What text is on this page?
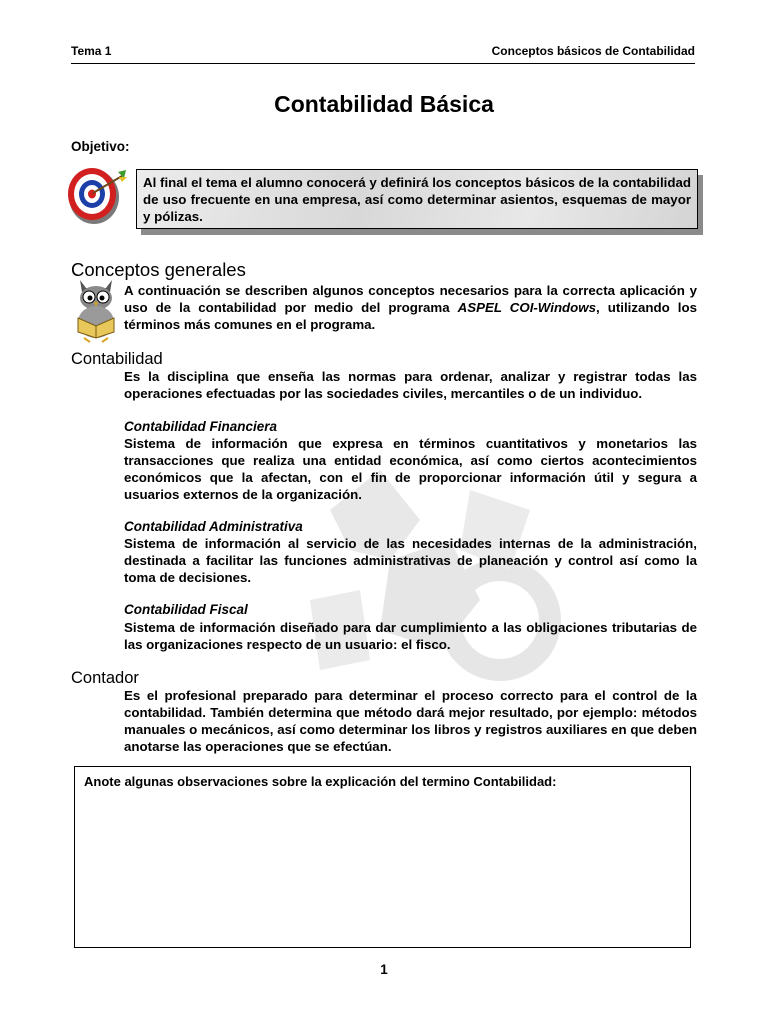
Tema 1	Conceptos básicos de Contabilidad
Contabilidad Básica
Objetivo:

Al final el tema el alumno conocerá y definirá los conceptos básicos de la contabilidad de uso frecuente en una empresa, así como determinar asientos, esquemas de mayor y pólizas.

Conceptos generales

A continuación se describen algunos conceptos necesarios para la correcta aplicación y uso de la contabilidad por medio del programa ASPEL COI-Windows, utilizando los términos más comunes en el programa.

Contabilidad

Es la disciplina que enseña las normas para ordenar, analizar y registrar todas las operaciones efectuadas por las sociedades civiles, mercantiles o de un individuo.

Contabilidad Financiera

Sistema de información que expresa en términos cuantitativos y monetarios las transacciones que realiza una entidad económica, así como ciertos acontecimientos económicos que la afectan, con el fin de proporcionar información útil y segura a usuarios externos de la organización.

Contabilidad Administrativa

Sistema de información al servicio de las necesidades internas de la administración, destinada a facilitar las funciones administrativas de planeación y control así como la toma de decisiones.

Contabilidad Fiscal

Sistema de información diseñado para dar cumplimiento a las obligaciones tributarias de las organizaciones respecto de un usuario: el fisco.

Contador

Es el profesional preparado para determinar el proceso correcto para el control de la contabilidad. También determina que método dará mejor resultado, por ejemplo: métodos manuales o mecánicos, así como determinar los libros y registros auxiliares en que deben anotarse las operaciones que se efectúan.

Anote algunas observaciones sobre la explicación del termino Contabilidad:
1
